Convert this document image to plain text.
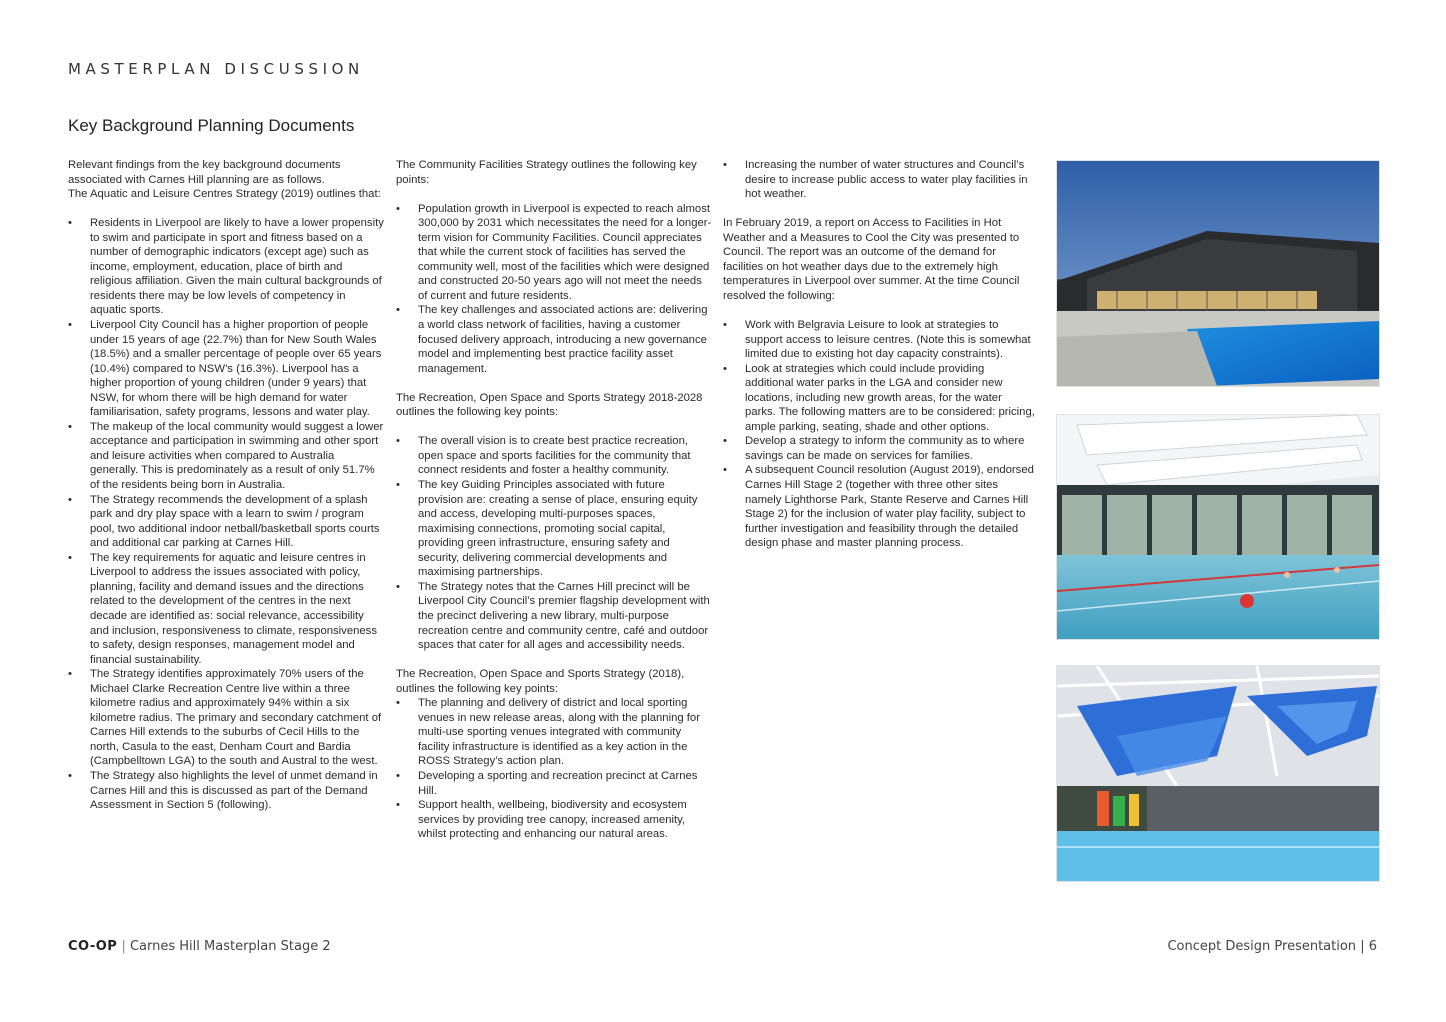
MASTERPLAN DISCUSSION
Key Background Planning Documents

Relevant findings from the key background documents associated with Carnes Hill planning are as follows.

The Aquatic and Leisure Centres Strategy (2019) outlines that:

• Residents in Liverpool are likely to have a lower propensity to swim and participate in sport and fitness based on a number of demographic indicators (except age) such as income, employment, education, place of birth and religious affiliation. Given the main cultural backgrounds of residents there may be low levels of competency in aquatic sports.
• Liverpool City Council has a higher proportion of people under 15 years of age (22.7%) than for New South Wales (18.5%) and a smaller percentage of people over 65 years (10.4%) compared to NSW’s (16.3%). Liverpool has a higher proportion of young children (under 9 years) that NSW, for whom there will be high demand for water familiarisation, safety programs, lessons and water play.
• The makeup of the local community would suggest a lower acceptance and participation in swimming and other sport and leisure activities when compared to Australia generally. This is predominately as a result of only 51.7% of the residents being born in Australia.
• The Strategy recommends the development of a splash park and dry play space with a learn to swim / program pool, two additional indoor netball/basketball sports courts and additional car parking at Carnes Hill.
• The key requirements for aquatic and leisure centres in Liverpool to address the issues associated with policy, planning, facility and demand issues and the directions related to the development of the centres in the next decade are identified as: social relevance, accessibility and inclusion, responsiveness to climate, responsiveness to safety, design responses, management model and financial sustainability.
• The Strategy identifies approximately 70% users of the Michael Clarke Recreation Centre live within a three kilometre radius and approximately 94% within a six kilometre radius. The primary and secondary catchment of Carnes Hill extends to the suburbs of Cecil Hills to the north, Casula to the east, Denham Court and Bardia (Campbelltown LGA) to the south and Austral to the west.
• The Strategy also highlights the level of unmet demand in Carnes Hill and this is discussed as part of the Demand Assessment in Section 5 (following).

The Community Facilities Strategy outlines the following key points:

• Population growth in Liverpool is expected to reach almost 300,000 by 2031 which necessitates the need for a longer-term vision for Community Facilities. Council appreciates that while the current stock of facilities has served the community well, most of the facilities which were designed and constructed 20-50 years ago will not meet the needs of current and future residents.
• The key challenges and associated actions are: delivering a world class network of facilities, having a customer focused delivery approach, introducing a new governance model and implementing best practice facility asset management.

The Recreation, Open Space and Sports Strategy 2018-2028 outlines the following key points:

• The overall vision is to create best practice recreation, open space and sports facilities for the community that connect residents and foster a healthy community.
• The key Guiding Principles associated with future provision are: creating a sense of place, ensuring equity and access, developing multi-purposes spaces, maximising connections, promoting social capital, providing green infrastructure, ensuring safety and security, delivering commercial developments and maximising partnerships.
• The Strategy notes that the Carnes Hill precinct will be Liverpool City Council’s premier flagship development with the precinct delivering a new library, multi-purpose recreation centre and community centre, café and outdoor spaces that cater for all ages and accessibility needs.

The Recreation, Open Space and Sports Strategy (2018), outlines the following key points:

• The planning and delivery of district and local sporting venues in new release areas, along with the planning for multi-use sporting venues integrated with community facility infrastructure is identified as a key action in the ROSS Strategy’s action plan.
• Developing a sporting and recreation precinct at Carnes Hill.
• Support health, wellbeing, biodiversity and ecosystem services by providing tree canopy, increased amenity, whilst protecting and enhancing our natural areas.
• Increasing the number of water structures and Council’s desire to increase public access to water play facilities in hot weather.

In February 2019, a report on Access to Facilities in Hot Weather and a Measures to Cool the City was presented to Council. The report was an outcome of the demand for facilities on hot weather days due to the extremely high temperatures in Liverpool over summer. At the time Council resolved the following:

• Work with Belgravia Leisure to look at strategies to support access to leisure centres. (Note this is somewhat limited due to existing hot day capacity constraints).
• Look at strategies which could include providing additional water parks in the LGA and consider new locations, including new growth areas, for the water parks. The following matters are to be considered: pricing, ample parking, seating, shade and other options.
• Develop a strategy to inform the community as to where savings can be made on services for families.
• A subsequent Council resolution (August 2019), endorsed Carnes Hill Stage 2 (together with three other sites namely Lighthorse Park, Stante Reserve and Carnes Hill Stage 2) for the inclusion of water play facility, subject to further investigation and feasibility through the detailed design phase and master planning process.
CO-OP | Carnes Hill Masterplan Stage 2	Concept Design Presentation | 6
